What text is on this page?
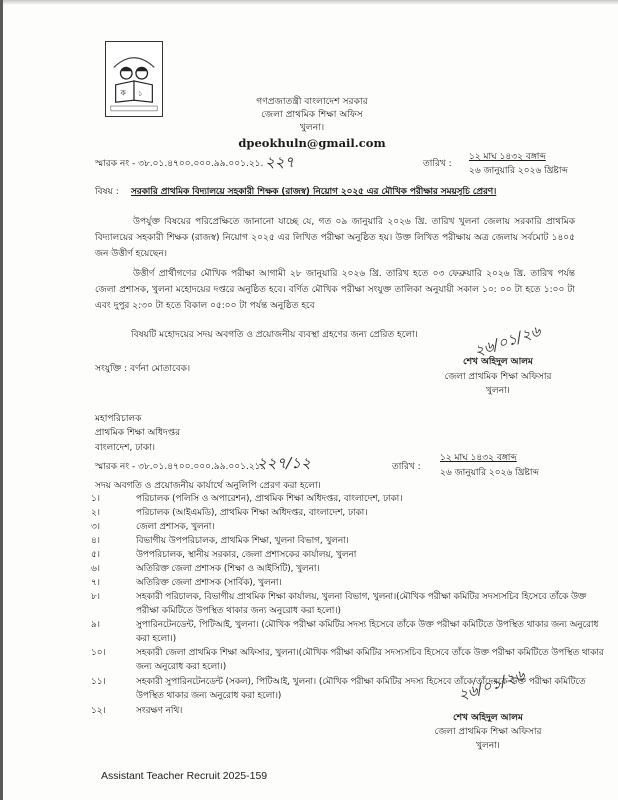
ক ১
গণপ্রজাতন্ত্রী বাংলাদেশ সরকার
জেলা প্রাথমিক শিক্ষা অফিস
খুলনা।
dpeokhuln@gmail.com
স্মারক নং - ৩৮.০১.৪৭০০.০০০.৯৯.০০১.২১. ২২৭	তারিখ :
১২ মাঘ ১৪৩২ বঙ্গাব্দ
২৬ জানুয়ারি ২০২৬ খ্রিষ্টাব্দ
বিষয় : সরকারি প্রাথমিক বিদ্যালয়ে সহকারী শিক্ষক (রাজস্ব) নিয়োগ ২০২৫ এর মৌখিক পরীক্ষার সময়সূচি প্রেরণ।
উপর্যুক্ত বিষয়ের পরিপ্রেক্ষিতে জানানো যাচ্ছে যে, গত ০৯ জানুয়ারি ২০২৬ খ্রি. তারিখ খুলনা জেলায় সরকারি প্রাথমিক বিদ্যালয়ের সহকারী শিক্ষক (রাজস্ব) নিয়োগ ২০২৫ এর লিখিত পরীক্ষা অনুষ্ঠিত হয়। উক্ত লিখিত পরীক্ষায় অত্র জেলায় সর্বমোট ১৪০৫ জন উত্তীর্ণ হয়েছেন।
উত্তীর্ণ প্রার্থীগণের মৌখিক পরীক্ষা আগামী ২৮ জানুয়ারি ২০২৬ খ্রি. তারিখ হতে ০৩ ফেব্রুয়ারি ২০২৬ খ্রি. তারিখ পর্যন্ত জেলা প্রশাসক, খুলনা মহোদয়ের দপ্তরে অনুষ্ঠিত হবে। বর্ণিত মৌখিক পরীক্ষা সংযুক্ত তালিকা অনুযায়ী সকাল ১০: ০০ টা হতে ১:০০ টা এবং দুপুর ২:৩০ টা হতে বিকাল ০৫:০০ টা পর্যন্ত অনুষ্ঠিত হবে
বিষয়টি মহোদয়ের সদয় অবগতি ও প্রয়োজনীয় ব্যবস্থা গ্রহণের জন্য প্রেরিত হলো।
সংযুক্তি : বর্ণনা মোতাবেক।
২৬/০১/২৬
শেখ অহিদুল আলম
জেলা প্রাথমিক শিক্ষা অফিসার
খুলনা।
মহাপরিচালক
প্রাথমিক শিক্ষা অধিদপ্তর
বাংলাদেশ, ঢাকা।
স্মারক নং - ৩৮.০১.৪৭০০.০০০.৯৯.০০১.২১.
২২৭/১২	তারিখ :
১২ মাঘ ১৪৩২ বঙ্গাব্দ
২৬ জানুয়ারি ২০২৬ খ্রিষ্টাব্দ
সদয় অবগতি ও প্রয়োজনীয় কার্যার্থে অনুলিপি প্রেরণ করা হলো।
১।	পরিচালক (পলিসি ও অপারেশন), প্রাথমিক শিক্ষা অধিদপ্তর, বাংলাদেশ, ঢাকা।
২।	পরিচালক (আইএমডি), প্রাথমিক শিক্ষা অধিদপ্তর, বাংলাদেশ, ঢাকা।
৩।	জেলা প্রশাসক, খুলনা।
৪।	বিভাগীয় উপপরিচালক, প্রাথমিক শিক্ষা, খুলনা বিভাগ, খুলনা।
৫।	উপপরিচালক, স্থানীয় সরকার, জেলা প্রশাসকের কার্যালয়, খুলনা
৬।	অতিরিক্ত জেলা প্রশাসক (শিক্ষা ও আইসিটি), খুলনা।
৭।	অতিরিক্ত জেলা প্রশাসক (সার্বিক), খুলনা।
৮।	সহকারী পরিচালক, বিভাগীয় প্রাথমিক শিক্ষা কার্যালয়, খুলনা বিভাগ, খুলনা।(মৌখিক পরীক্ষা কমিটির সদস্যসচিব হিসেবে তাঁকে উক্ত পরীক্ষা কমিটিতে উপস্থিত থাকার জন্য অনুরোধ করা হলো।)
৯।	সুপারিনটেনডেন্ট, পিটিআই, খুলনা। (মৌখিক পরীক্ষা কমিটির সদস্য হিসেবে তাঁকে উক্ত পরীক্ষা কমিটিতে উপস্থিত থাকার জন্য অনুরোধ করা হলো।)
১০।	সহকারী জেলা প্রাথমিক শিক্ষা অফিসার, খুলনা।(মৌখিক পরীক্ষা কমিটির সদস্যসচিব হিসেবে তাঁকে উক্ত পরীক্ষা কমিটিতে উপস্থিত থাকার জন্য অনুরোধ করা হলো।)
১১।	সহকারী সুপারিনটেনডেন্ট (সকল), পিটিআই, খুলনা। (মৌখিক পরীক্ষা কমিটির সদস্য হিসেবে তাঁকে/তাঁদেরকে উক্ত পরীক্ষা কমিটিতে উপস্থিত থাকার জন্য অনুরোধ করা হলো।)
১২।	সংরক্ষণ নথি।
২৬/০১/২৬
শেখ অহিদুল আলম
জেলা প্রাথমিক শিক্ষা অফিসার
খুলনা।
Assistant Teacher Recruit 2025-159
